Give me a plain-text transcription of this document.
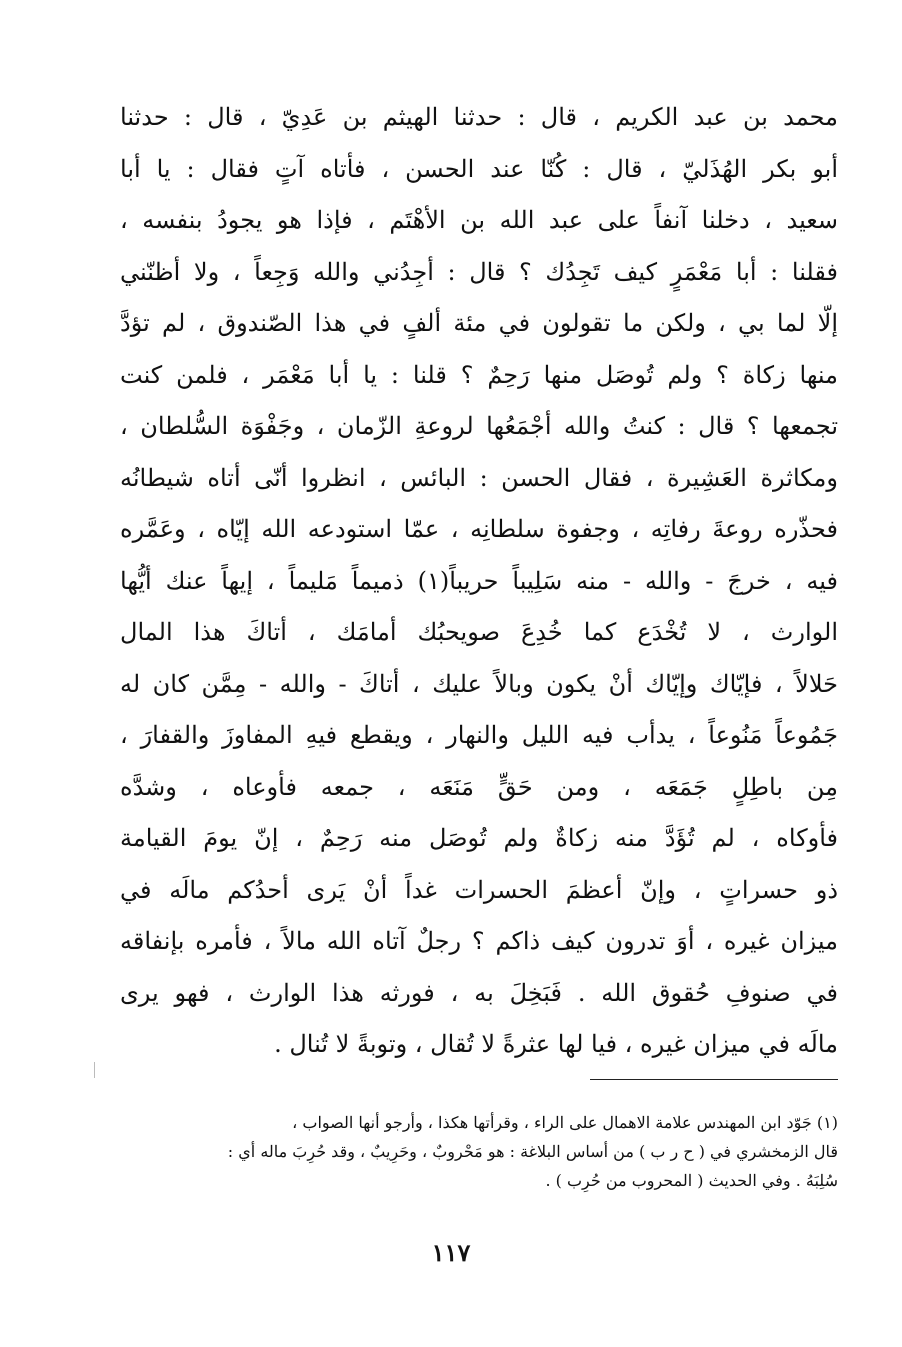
محمد بن عبد الكريم ، قال : حدثنا الهيثم بن عَدِيّ ، قال : حدثنا
أبو بكر الهُذَليّ ، قال : كُنّا عند الحسن ، فأتاه آتٍ فقال : يا أبا
سعيد ، دخلنا آنفاً على عبد الله بن الأهْتَم ، فإذا هو يجودُ بنفسه ،
فقلنا : أبا مَعْمَرٍ كيف تَجِدُك ؟ قال : أجِدُني والله وَجِعاً ، ولا أظنّني
إلّا لما بي ، ولكن ما تقولون في مئة ألفٍ في هذا الصّندوق ، لم تؤدَّ
منها زكاة ؟ ولم تُوصَل منها رَحِمٌ ؟ قلنا : يا أبا مَعْمَر ، فلمن كنت
تجمعها ؟ قال : كنتُ والله أجْمَعُها لروعةِ الزّمان ، وجَفْوَة السُّلطان ،
ومكاثرة العَشِيرة ، فقال الحسن : البائس ، انظروا أنّى أتاه شيطانُه
فحذّره روعةَ رفاتِه ، وجفوة سلطانِه ، عمّا استودعه الله إيّاه ، وعَمَّره
فيه ، خرجَ - والله - منه سَلِيباً حريباً(١) ذميماً مَليماً ، إيهاً عنك أيُّها
الوارث ، لا تُخْدَع كما خُدِعَ صويحبُك أمامَك ، أتاكَ هذا المال
حَلالاً ، فإيّاك وإيّاك أنْ يكون وبالاً عليك ، أتاكَ - والله - مِمَّن كان له
جَمُوعاً مَنُوعاً ، يدأب فيه الليل والنهار ، ويقطع فيهِ المفاوزَ والقفارَ ،
مِن باطِلٍ جَمَعَه ، ومن حَقٍّ مَنَعَه ، جمعه فأوعاه ، وشدَّه
فأوكاه ، لم تُؤَدَّ منه زكاةٌ ولم تُوصَل منه رَحِمٌ ، إنّ يومَ القيامة
ذو حسراتٍ ، وإنّ أعظمَ الحسرات غداً أنْ يَرى أحدُكم مالَه في
ميزان غيره ، أوَ تدرون كيف ذاكم ؟ رجلٌ آتاه الله مالاً ، فأمره بإنفاقه
في صنوفِ حُقوق الله . فَبَخِلَ به ، فورثه هذا الوارث ، فهو يرى
مالَه في ميزان غيره ، فيا لها عثرةً لا تُقال ، وتوبةً لا تُنال .
(١) جَوّد ابن المهندس علامة الاهمال على الراء ، وقرأتها هكذا ، وأرجو أنها الصواب ،
قال الزمخشري في ( ح ر ب ) من أساس البلاغة : هو مَحْروبٌ ، وحَرِيبٌ ، وقد حُرِبَ ماله أي :
سُلِبَهُ . وفي الحديث ( المحروب من حُرِب ) .
١١٧
